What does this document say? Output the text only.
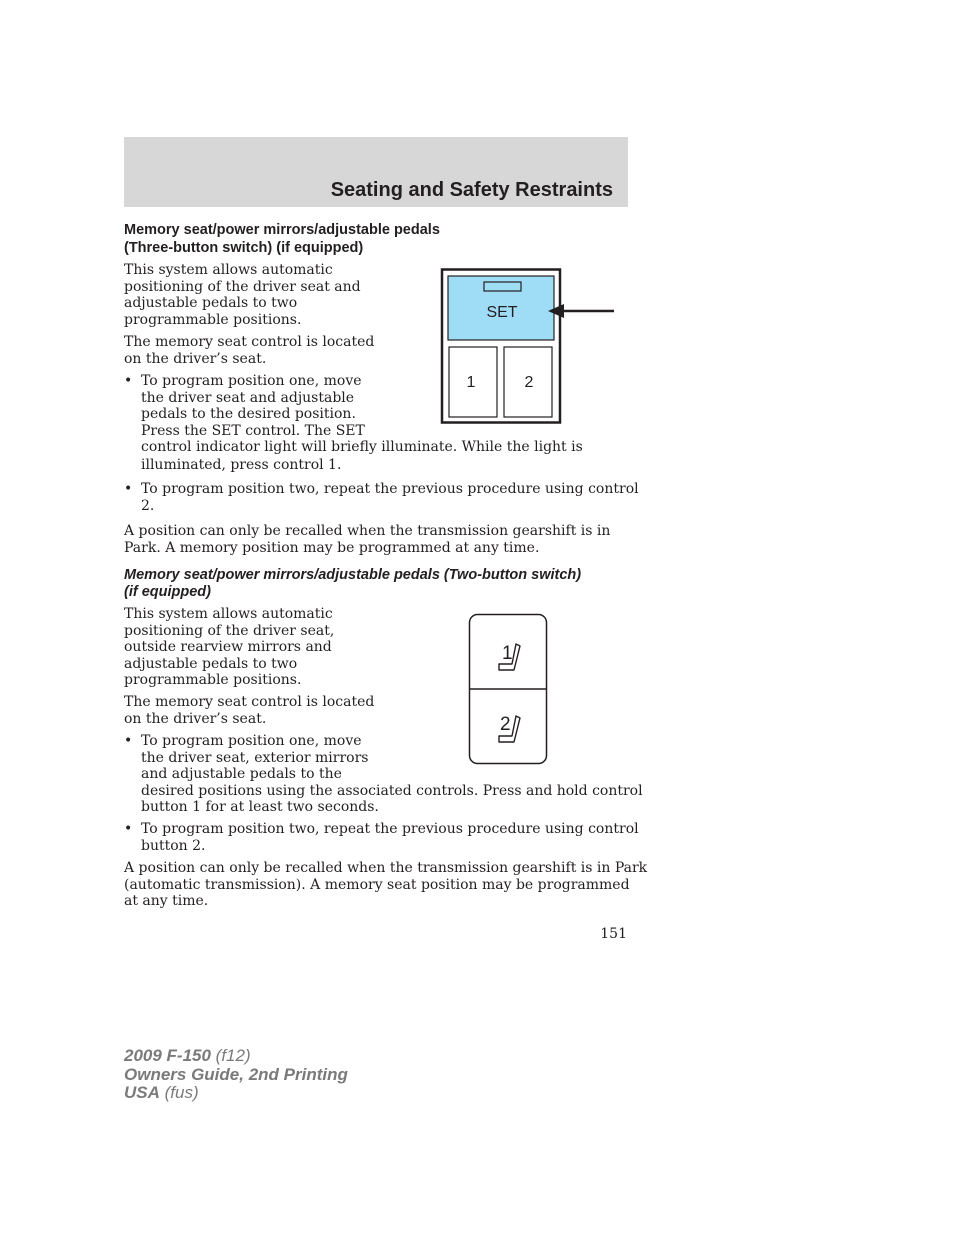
Seating and Safety Restraints
Memory seat/power mirrors/adjustable pedals
(Three-button switch) (if equipped)
This system allows automatic
positioning of the driver seat and
adjustable pedals to two
programmable positions.
The memory seat control is located
on the driver’s seat.
• To program position one, move
the driver seat and adjustable
pedals to the desired position.
Press the SET control. The SET
control indicator light will briefly illuminate. While the light is
illuminated, press control 1.
• To program position two, repeat the previous procedure using control
2.
A position can only be recalled when the transmission gearshift is in
Park. A memory position may be programmed at any time.
SET
1	2
Memory seat/power mirrors/adjustable pedals (Two-button switch)
(if equipped)
This system allows automatic
positioning of the driver seat,
outside rearview mirrors and
adjustable pedals to two
programmable positions.
The memory seat control is located
on the driver’s seat.
• To program position one, move
the driver seat, exterior mirrors
and adjustable pedals to the
desired positions using the associated controls. Press and hold control
button 1 for at least two seconds.
• To program position two, repeat the previous procedure using control
button 2.
A position can only be recalled when the transmission gearshift is in Park
(automatic transmission). A memory seat position may be programmed
at any time.
1
2
151
2009 F-150 (f12)
Owners Guide, 2nd Printing
USA (fus)
